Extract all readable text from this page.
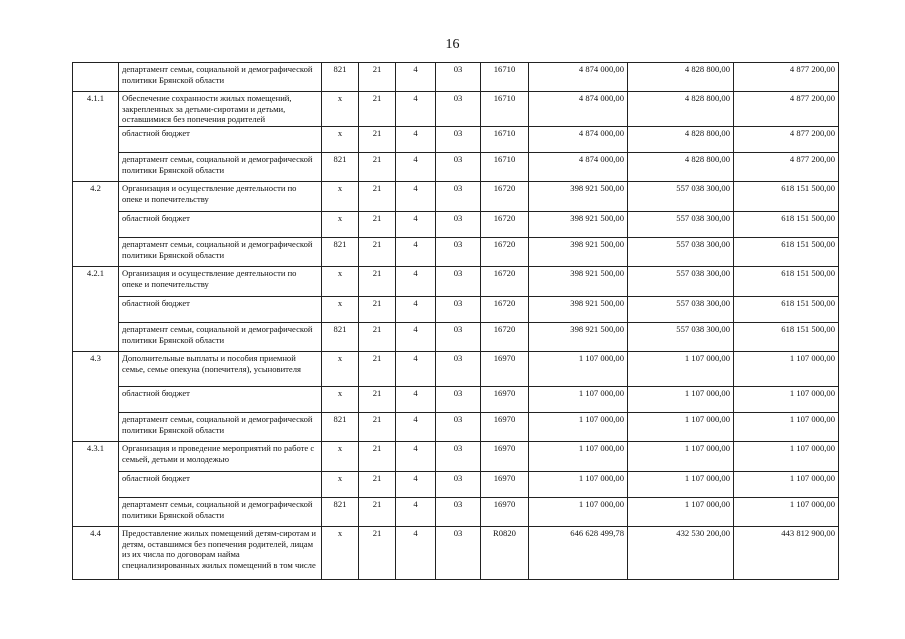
16
	департамент семьи, социальной и демографической политики Брянской области	821	21	4	03	16710	4 874 000,00	4 828 800,00	4 877 200,00
4.1.1	Обеспечение сохранности жилых помещений, закрепленных за детьми-сиротами и детьми, оставшимися без попечения родителей	х	21	4	03	16710	4 874 000,00	4 828 800,00	4 877 200,00
	областной бюджет	х	21	4	03	16710	4 874 000,00	4 828 800,00	4 877 200,00
	департамент семьи, социальной и демографической политики Брянской области	821	21	4	03	16710	4 874 000,00	4 828 800,00	4 877 200,00
4.2	Организация и осуществление деятельности по опеке и попечительству	х	21	4	03	16720	398 921 500,00	557 038 300,00	618 151 500,00
	областной бюджет	х	21	4	03	16720	398 921 500,00	557 038 300,00	618 151 500,00
	департамент семьи, социальной и демографической политики Брянской области	821	21	4	03	16720	398 921 500,00	557 038 300,00	618 151 500,00
4.2.1	Организация и осуществление деятельности по опеке и попечительству	х	21	4	03	16720	398 921 500,00	557 038 300,00	618 151 500,00
	областной бюджет	х	21	4	03	16720	398 921 500,00	557 038 300,00	618 151 500,00
	департамент семьи, социальной и демографической политики Брянской области	821	21	4	03	16720	398 921 500,00	557 038 300,00	618 151 500,00
4.3	Дополнительные выплаты и пособия приемной семье, семье опекуна (попечителя), усыновителя	х	21	4	03	16970	1 107 000,00	1 107 000,00	1 107 000,00
	областной бюджет	х	21	4	03	16970	1 107 000,00	1 107 000,00	1 107 000,00
	департамент семьи, социальной и демографической политики Брянской области	821	21	4	03	16970	1 107 000,00	1 107 000,00	1 107 000,00
4.3.1	Организация и проведение мероприятий по работе с семьей, детьми и молодежью	х	21	4	03	16970	1 107 000,00	1 107 000,00	1 107 000,00
	областной бюджет	х	21	4	03	16970	1 107 000,00	1 107 000,00	1 107 000,00
	департамент семьи, социальной и демографической политики Брянской области	821	21	4	03	16970	1 107 000,00	1 107 000,00	1 107 000,00
4.4	Предоставление жилых помещений детям-сиротам и детям, оставшимся без попечения родителей, лицам из их числа по договорам найма специализированных жилых помещений в том числе	х	21	4	03	R0820	646 628 499,78	432 530 200,00	443 812 900,00
